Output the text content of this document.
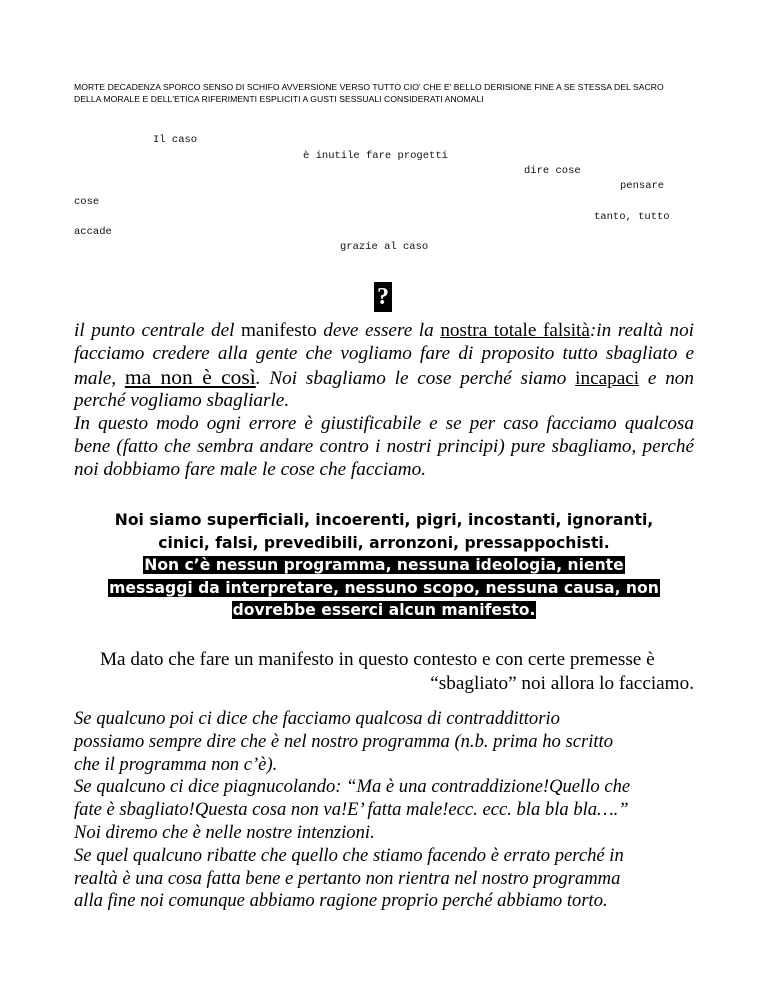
MORTE DECADENZA SPORCO SENSO DI SCHIFO AVVERSIONE VERSO TUTTO CIO' CHE E' BELLO DERISIONE FINE A SE STESSA DEL SACRO
DELLA MORALE E DELL'ETICA RIFERIMENTI ESPLICITI A GUSTI SESSUALI CONSIDERATI ANOMALI
Il caso
è inutile fare progetti
dire cose
pensare
cose
tanto, tutto
accade
grazie al caso
?
il punto centrale del manifesto deve essere la nostra totale falsità:in realtà noi facciamo credere alla gente che vogliamo fare di proposito tutto sbagliato e male, ma non è così. Noi sbagliamo le cose perché siamo incapaci e non perché vogliamo sbagliarle.
In questo modo ogni errore è giustificabile e se per caso facciamo qualcosa bene (fatto che sembra andare contro i nostri principi) pure sbagliamo, perché noi dobbiamo fare male le cose che facciamo.
Noi siamo superficiali, incoerenti, pigri, incostanti, ignoranti,
cinici, falsi, prevedibili, arronzoni, pressappochisti.
Non c’è nessun programma, nessuna ideologia, niente
messaggi da interpretare, nessuno scopo, nessuna causa, non
dovrebbe esserci alcun manifesto.
Ma dato che fare un manifesto in questo contesto e con certe premesse è
“sbagliato” noi allora lo facciamo.
Se qualcuno poi ci dice che facciamo qualcosa di contraddittorio
possiamo sempre dire che è nel nostro programma (n.b. prima ho scritto
che il programma non c’è).
Se qualcuno ci dice piagnucolando: “Ma è una contraddizione!Quello che
fate è sbagliato!Questa cosa non va!E’ fatta male!ecc. ecc. bla bla bla….”
Noi diremo che è nelle nostre intenzioni.
Se quel qualcuno ribatte che quello che stiamo facendo è errato perché in
realtà è una cosa fatta bene e pertanto non rientra nel nostro programma
alla fine noi comunque abbiamo ragione proprio perché abbiamo torto.
